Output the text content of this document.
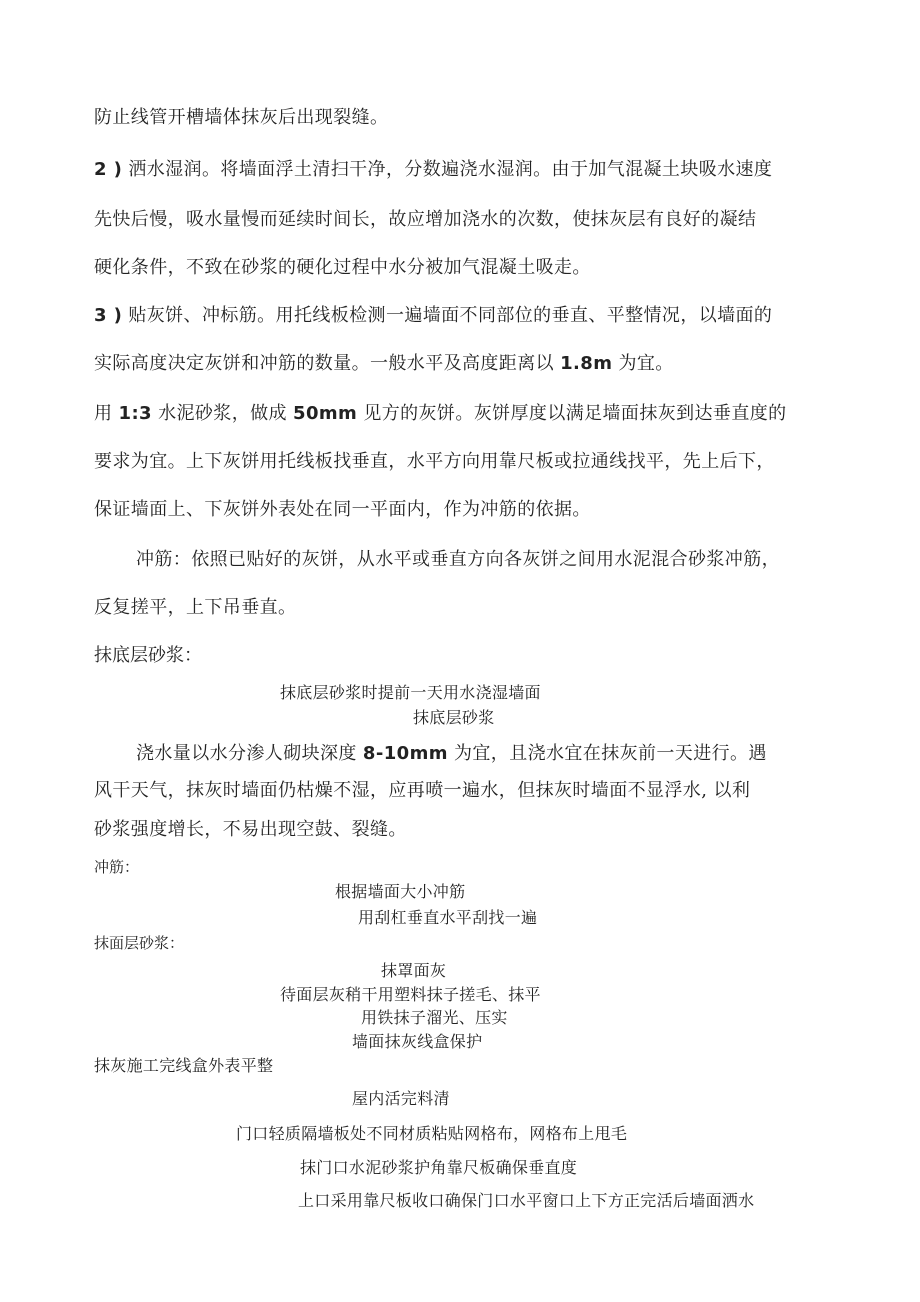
防止线管开槽墙体抹灰后出现裂缝。

2 ) 洒水湿润。将墙面浮土清扫干净，分数遍浇水湿润。由于加气混凝土块吸水速度

先快后慢，吸水量慢而延续时间长，故应增加浇水的次数，使抹灰层有良好的凝结

硬化条件，不致在砂浆的硬化过程中水分被加气混凝土吸走。

3 ) 贴灰饼、冲标筋。用托线板检测一遍墙面不同部位的垂直、平整情况，以墙面的

实际高度决定灰饼和冲筋的数量。一般水平及高度距离以 1.8m 为宜。

用 1:3 水泥砂浆，做成 50mm 见方的灰饼。灰饼厚度以满足墙面抹灰到达垂直度的

要求为宜。上下灰饼用托线板找垂直，水平方向用靠尺板或拉通线找平，先上后下，

保证墙面上、下灰饼外表处在同一平面内，作为冲筋的依据。

冲筋：依照已贴好的灰饼，从水平或垂直方向各灰饼之间用水泥混合砂浆冲筋，

反复搓平，上下吊垂直。

抹底层砂浆：

抹底层砂浆时提前一天用水浇湿墙面

抹底层砂浆

浇水量以水分渗人砌块深度 8-10mm 为宜，且浇水宜在抹灰前一天进行。遇

风干天气，抹灰时墙面仍枯燥不湿，应再喷一遍水，但抹灰时墙面不显浮水, 以利

砂浆强度增长，不易出现空鼓、裂缝。

冲筋：

根据墙面大小冲筋

用刮杠垂直水平刮找一遍

抹面层砂浆：

抹罩面灰

待面层灰稍干用塑料抹子搓毛、抹平

用铁抹子溜光、压实

墙面抹灰线盒保护

抹灰施工完线盒外表平整

屋内活完料清

门口轻质隔墙板处不同材质粘贴网格布，网格布上甩毛

抹门口水泥砂浆护角靠尺板确保垂直度

上口采用靠尺板收口确保门口水平窗口上下方正完活后墙面洒水
